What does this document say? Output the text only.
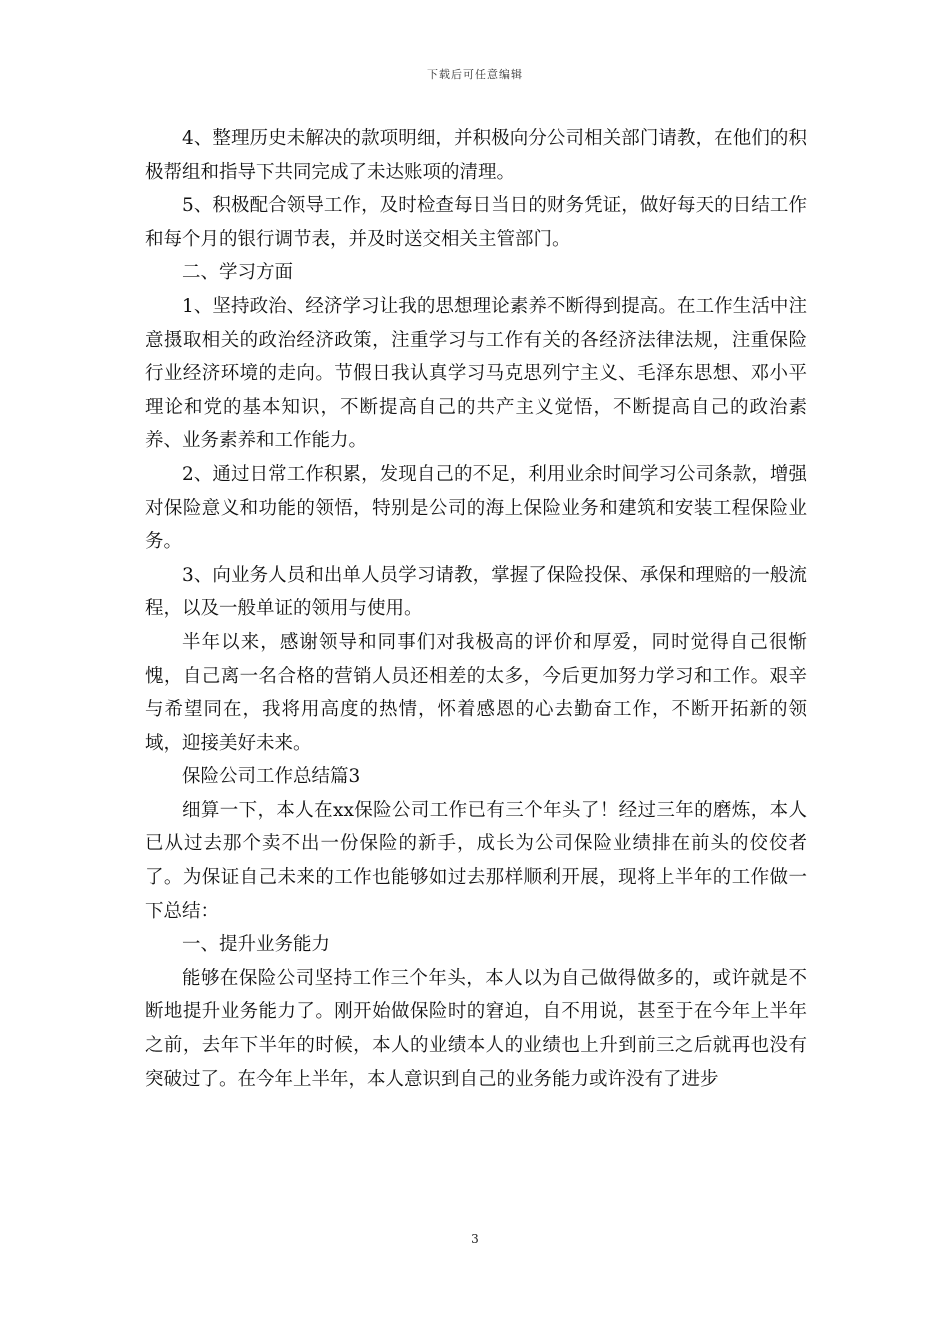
下载后可任意编辑

4、整理历史未解决的款项明细，并积极向分公司相关部门请教，在他们的积极帮组和指导下共同完成了未达账项的清理。

5、积极配合领导工作，及时检查每日当日的财务凭证，做好每天的日结工作和每个月的银行调节表，并及时送交相关主管部门。

二、学习方面

1、坚持政治、经济学习让我的思想理论素养不断得到提高。在工作生活中注意摄取相关的政治经济政策，注重学习与工作有关的各经济法律法规，注重保险行业经济环境的走向。节假日我认真学习马克思列宁主义、毛泽东思想、邓小平理论和党的基本知识，不断提高自己的共产主义觉悟，不断提高自己的政治素养、业务素养和工作能力。

2、通过日常工作积累，发现自己的不足，利用业余时间学习公司条款，增强对保险意义和功能的领悟，特别是公司的海上保险业务和建筑和安装工程保险业务。

3、向业务人员和出单人员学习请教，掌握了保险投保、承保和理赔的一般流程，以及一般单证的领用与使用。

半年以来，感谢领导和同事们对我极高的评价和厚爱，同时觉得自己很惭愧，自己离一名合格的营销人员还相差的太多，今后更加努力学习和工作。艰辛与希望同在，我将用高度的热情，怀着感恩的心去勤奋工作，不断开拓新的领域，迎接美好未来。

保险公司工作总结篇3

细算一下，本人在xx保险公司工作已有三个年头了！经过三年的磨炼，本人已从过去那个卖不出一份保险的新手，成长为公司保险业绩排在前头的佼佼者了。为保证自己未来的工作也能够如过去那样顺利开展，现将上半年的工作做一下总结：

一、提升业务能力

能够在保险公司坚持工作三个年头，本人以为自己做得做多的，或许就是不断地提升业务能力了。刚开始做保险时的窘迫，自不用说，甚至于在今年上半年之前，去年下半年的时候，本人的业绩本人的业绩也上升到前三之后就再也没有突破过了。在今年上半年，本人意识到自己的业务能力或许没有了进步

3
